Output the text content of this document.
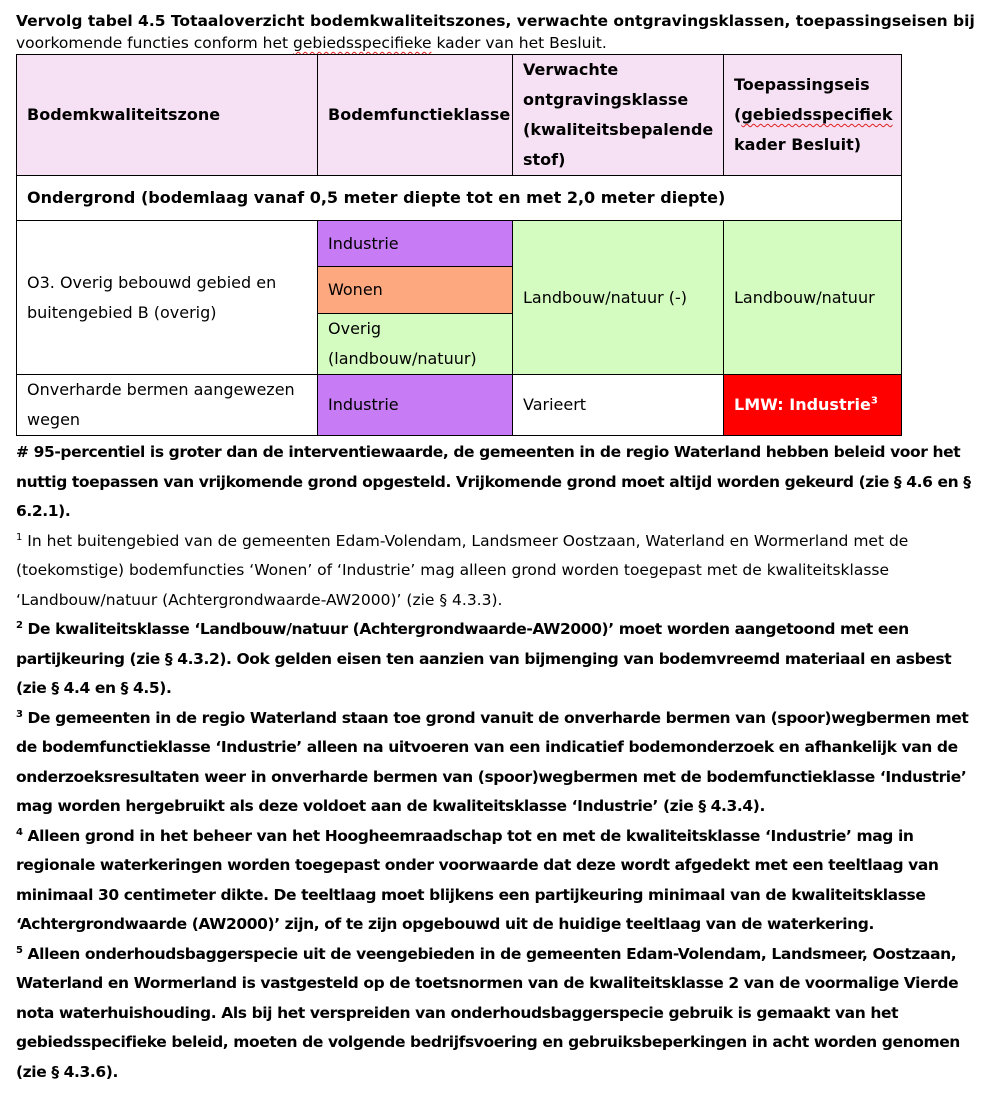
Vervolg tabel 4.5 Totaaloverzicht bodemkwaliteitszones, verwachte ontgravingsklassen, toepassingseisen bij
voorkomende functies conform het gebiedsspecifieke kader van het Besluit.
Bodemkwaliteitszone	Bodemfunctieklasse	Verwachte ontgravingsklasse (kwaliteitsbepalende stof)	Toepassingseis (gebiedsspecifiek kader Besluit)
Ondergrond (bodemlaag vanaf 0,5 meter diepte tot en met 2,0 meter diepte)			
O3. Overig bebouwd gebied en buitengebied B (overig)	Industrie	Landbouw/natuur (-)	Landbouw/natuur
	Wonen		
	Overig (landbouw/natuur)		
Onverharde bermen aangewezen wegen	Industrie	Varieert	LMW: Industrie$^3$

# 95-percentiel is groter dan de interventiewaarde, de gemeenten in de regio Waterland hebben beleid voor het nuttig toepassen van vrijkomende grond opgesteld. Vrijkomende grond moet altijd worden gekeurd (zie § 4.6 en § 6.2.1).

$^1$ In het buitengebied van de gemeenten Edam-Volendam, Landsmeer Oostzaan, Waterland en Wormerland met de (toekomstige) bodemfuncties ‘Wonen’ of ‘Industrie’ mag alleen grond worden toegepast met de kwaliteitsklasse ‘Landbouw/natuur (Achtergrondwaarde-AW2000)’ (zie § 4.3.3).

$^2$ De kwaliteitsklasse ‘Landbouw/natuur (Achtergrondwaarde-AW2000)’ moet worden aangetoond met een partijkeuring (zie § 4.3.2). Ook gelden eisen ten aanzien van bijmenging van bodemvreemd materiaal en asbest (zie § 4.4 en § 4.5).

$^3$ De gemeenten in de regio Waterland staan toe grond vanuit de onverharde bermen van (spoor)wegbermen met de bodemfunctieklasse ‘Industrie’ alleen na uitvoeren van een indicatief bodemonderzoek en afhankelijk van de onderzoeksresultaten weer in onverharde bermen van (spoor)wegbermen met de bodemfunctieklasse ‘Industrie’ mag worden hergebruikt als deze voldoet aan de kwaliteitsklasse ‘Industrie’ (zie § 4.3.4).

$^4$ Alleen grond in het beheer van het Hoogheemraadschap tot en met de kwaliteitsklasse ‘Industrie’ mag in regionale waterkeringen worden toegepast onder voorwaarde dat deze wordt afgedekt met een teeltlaag van minimaal 30 centimeter dikte. De teeltlaag moet blijkens een partijkeuring minimaal van de kwaliteitsklasse ‘Achtergrondwaarde (AW2000)’ zijn, of te zijn opgebouwd uit de huidige teeltlaag van de waterkering.

$^5$ Alleen onderhoudsbaggerspecie uit de veengebieden in de gemeenten Edam-Volendam, Landsmeer, Oostzaan, Waterland en Wormerland is vastgesteld op de toetsnormen van de kwaliteitsklasse 2 van de voormalige Vierde nota waterhuishouding. Als bij het verspreiden van onderhoudsbaggerspecie gebruik is gemaakt van het gebiedsspecifieke beleid, moeten de volgende bedrijfsvoering en gebruiksbeperkingen in acht worden genomen (zie § 4.3.6).
